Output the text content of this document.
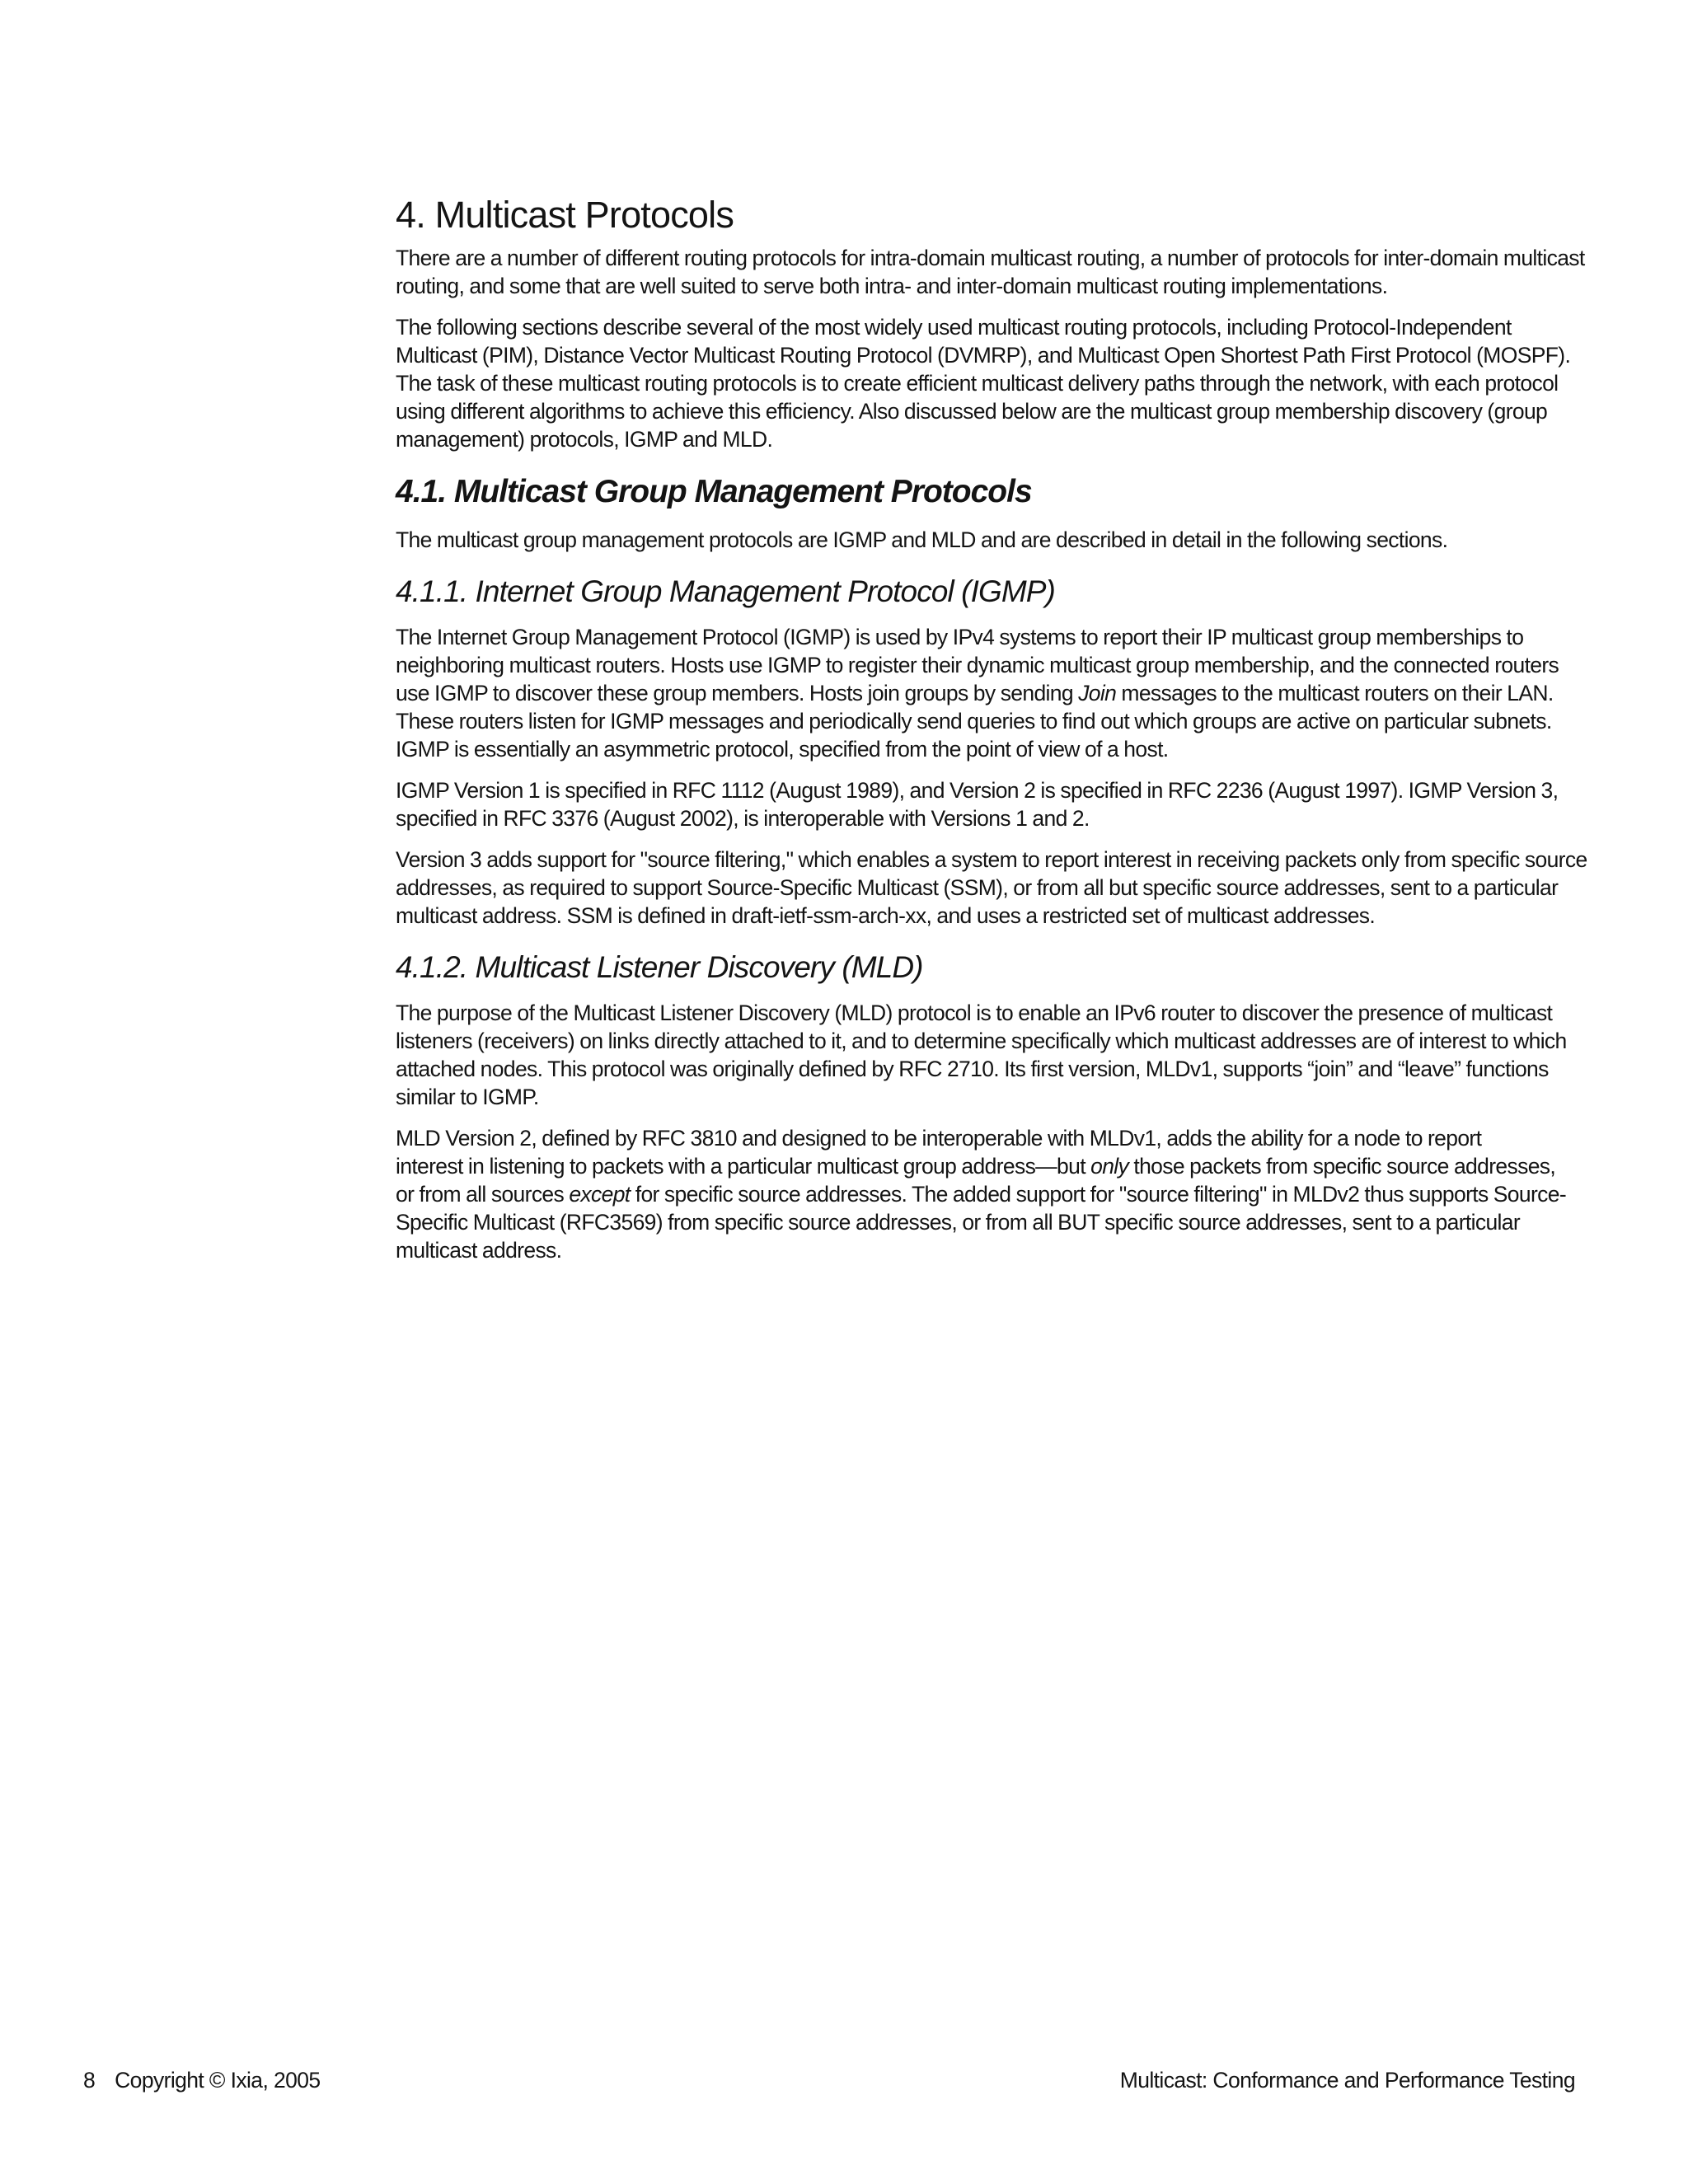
4. Multicast Protocols

There are a number of different routing protocols for intra-domain multicast routing, a number of protocols for inter-domain multicast
routing, and some that are well suited to serve both intra- and inter-domain multicast routing implementations.

The following sections describe several of the most widely used multicast routing protocols, including Protocol-Independent
Multicast (PIM), Distance Vector Multicast Routing Protocol (DVMRP), and Multicast Open Shortest Path First Protocol (MOSPF).
The task of these multicast routing protocols is to create efficient multicast delivery paths through the network, with each protocol
using different algorithms to achieve this efficiency. Also discussed below are the multicast group membership discovery (group
management) protocols, IGMP and MLD.

4.1. Multicast Group Management Protocols

The multicast group management protocols are IGMP and MLD and are described in detail in the following sections.

4.1.1. Internet Group Management Protocol (IGMP)

The Internet Group Management Protocol (IGMP) is used by IPv4 systems to report their IP multicast group memberships to
neighboring multicast routers. Hosts use IGMP to register their dynamic multicast group membership, and the connected routers
use IGMP to discover these group members. Hosts join groups by sending Join messages to the multicast routers on their LAN.
These routers listen for IGMP messages and periodically send queries to find out which groups are active on particular subnets.
IGMP is essentially an asymmetric protocol, specified from the point of view of a host.

IGMP Version 1 is specified in RFC 1112 (August 1989), and Version 2 is specified in RFC 2236 (August 1997). IGMP Version 3,
specified in RFC 3376 (August 2002), is interoperable with Versions 1 and 2.

Version 3 adds support for "source filtering," which enables a system to report interest in receiving packets only from specific source
addresses, as required to support Source-Specific Multicast (SSM), or from all but specific source addresses, sent to a particular
multicast address. SSM is defined in draft-ietf-ssm-arch-xx, and uses a restricted set of multicast addresses.

4.1.2. Multicast Listener Discovery (MLD)

The purpose of the Multicast Listener Discovery (MLD) protocol is to enable an IPv6 router to discover the presence of multicast
listeners (receivers) on links directly attached to it, and to determine specifically which multicast addresses are of interest to which
attached nodes. This protocol was originally defined by RFC 2710. Its first version, MLDv1, supports “join” and “leave” functions
similar to IGMP.

MLD Version 2, defined by RFC 3810 and designed to be interoperable with MLDv1, adds the ability for a node to report
interest in listening to packets with a particular multicast group address—but only those packets from specific source addresses,
or from all sources except for specific source addresses. The added support for "source filtering" in MLDv2 thus supports Source-
Specific Multicast (RFC3569) from specific source addresses, or from all BUT specific source addresses, sent to a particular
multicast address.

8 Copyright © Ixia, 2005	Multicast: Conformance and Performance Testing
